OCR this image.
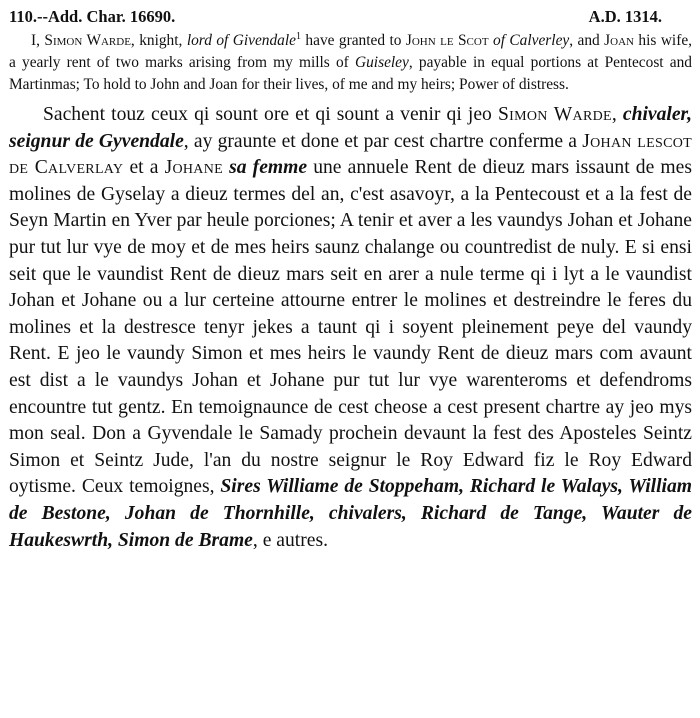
110.--Add. Char. 16690.	A.D. 1314.

I, Simon Warde, knight, lord of Givendale$^1$ have granted to John le Scot of Calverley, and Joan his wife, a yearly rent of two marks arising from my mills of Guiseley, payable in equal portions at Pentecost and Martinmas; To hold to John and Joan for their lives, of me and my heirs; Power of distress.

Sachent touz ceux qi sount ore et qi sount a venir qi jeo Simon Warde, chivaler, seignur de Gyvendale, ay graunte et done et par cest chartre conferme a Johan lescot de Calverlay et a Johane sa femme une annuele Rent de dieuz mars issaunt de mes molines de Gyselay a dieuz termes del an, c'est asavoyr, a la Pentecoust et a la fest de Seyn Martin en Yver par heule porciones; A tenir et aver a les vaundys Johan et Johane pur tut lur vye de moy et de mes heirs saunz chalange ou countredist de nuly. E si ensi seit que le vaundist Rent de dieuz mars seit en arer a nule terme qi i lyt a le vaundist Johan et Johane ou a lur certeine attourne entrer le molines et destreindre le feres du molines et la destresce tenyr jekes a taunt qi i soyent pleinement peye del vaundy Rent. E jeo le vaundy Simon et mes heirs le vaundy Rent de dieuz mars com avaunt est dist a le vaundys Johan et Johane pur tut lur vye warenteroms et defendroms encountre tut gentz. En temoignaunce de cest cheose a cest present chartre ay jeo mys mon seal. Don a Gyvendale le Samady prochein devaunt la fest des Aposteles Seintz Simon et Seintz Jude, l'an du nostre seignur le Roy Edward fiz le Roy Edward oytisme. Ceux temoignes, Sires Williame de Stoppeham, Richard le Walays, William de Bestone, Johan de Thornhille, chivalers, Richard de Tange, Wauter de Haukeswrth, Simon de Brame, e autres.
